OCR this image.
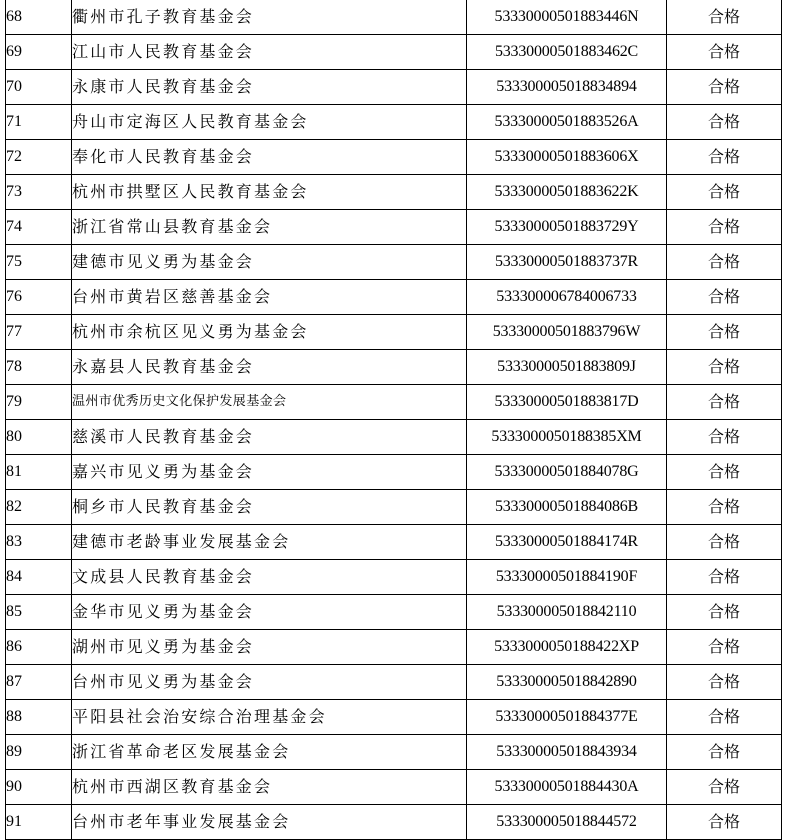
68	衢州市孔子教育基金会	53330000501883446N	合格
69	江山市人民教育基金会	53330000501883462C	合格
70	永康市人民教育基金会	533300005018834894	合格
71	舟山市定海区人民教育基金会	53330000501883526A	合格
72	奉化市人民教育基金会	53330000501883606X	合格
73	杭州市拱墅区人民教育基金会	53330000501883622K	合格
74	浙江省常山县教育基金会	53330000501883729Y	合格
75	建德市见义勇为基金会	53330000501883737R	合格
76	台州市黄岩区慈善基金会	533300006784006733	合格
77	杭州市余杭区见义勇为基金会	53330000501883796W	合格
78	永嘉县人民教育基金会	53330000501883809J	合格
79	温州市优秀历史文化保护发展基金会	53330000501883817D	合格
80	慈溪市人民教育基金会	5333000050188385XM	合格
81	嘉兴市见义勇为基金会	53330000501884078G	合格
82	桐乡市人民教育基金会	53330000501884086B	合格
83	建德市老龄事业发展基金会	53330000501884174R	合格
84	文成县人民教育基金会	53330000501884190F	合格
85	金华市见义勇为基金会	533300005018842110	合格
86	湖州市见义勇为基金会	5333000050188422XP	合格
87	台州市见义勇为基金会	533300005018842890	合格
88	平阳县社会治安综合治理基金会	53330000501884377E	合格
89	浙江省革命老区发展基金会	533300005018843934	合格
90	杭州市西湖区教育基金会	53330000501884430A	合格
91	台州市老年事业发展基金会	533300005018844572	合格
